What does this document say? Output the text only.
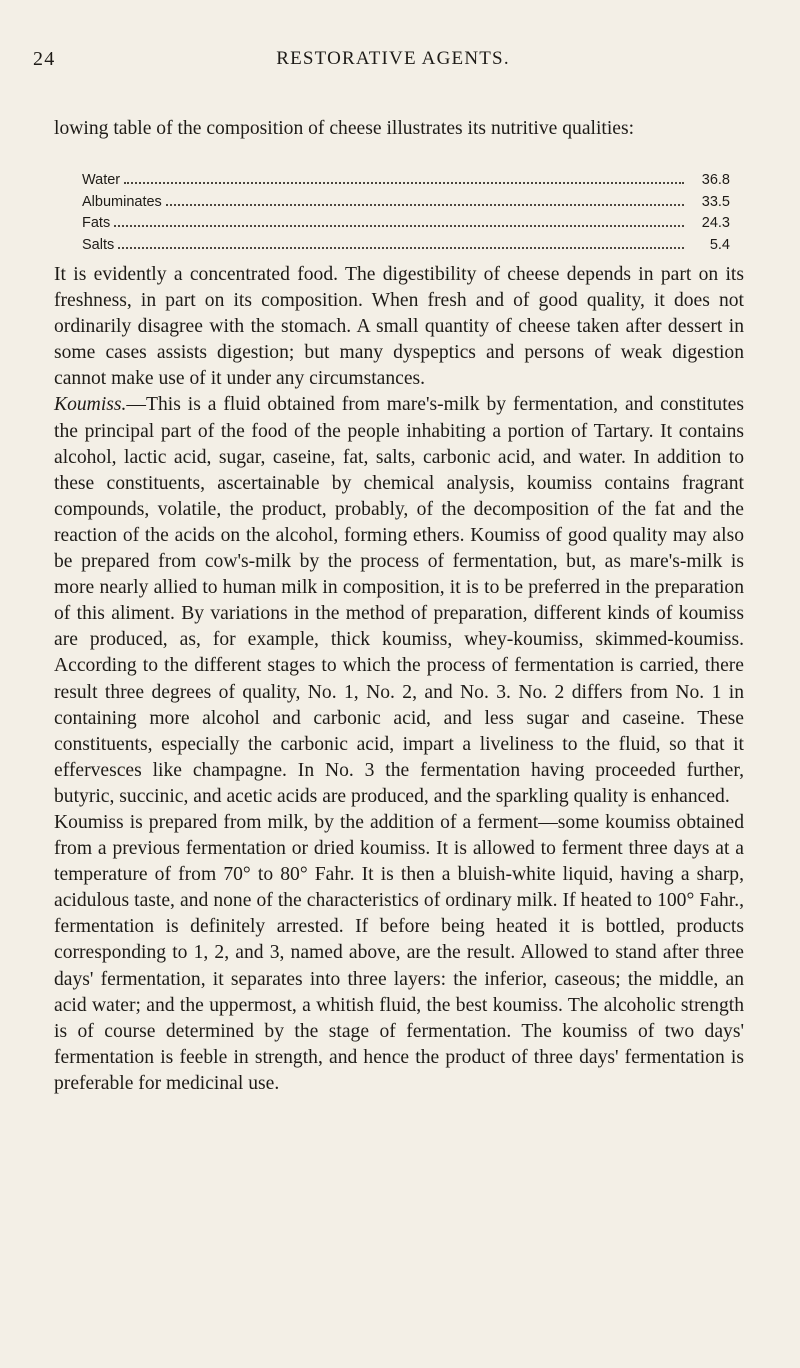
24	RESTORATIVE AGENTS.

lowing table of the composition of cheese illustrates its nutritive qualities:

Water	36.8
Albuminates	33.5
Fats	24.3
Salts	5.4

It is evidently a concentrated food. The digestibility of cheese depends in part on its freshness, in part on its composition. When fresh and of good quality, it does not ordinarily disagree with the stomach. A small quantity of cheese taken after dessert in some cases assists digestion; but many dyspeptics and persons of weak digestion cannot make use of it under any circumstances.

Koumiss.—This is a fluid obtained from mare's-milk by fermentation, and constitutes the principal part of the food of the people inhabiting a portion of Tartary. It contains alcohol, lactic acid, sugar, caseine, fat, salts, carbonic acid, and water. In addition to these constituents, ascertainable by chemical analysis, koumiss contains fragrant compounds, volatile, the product, probably, of the decomposition of the fat and the reaction of the acids on the alcohol, forming ethers. Koumiss of good quality may also be prepared from cow's-milk by the process of fermentation, but, as mare's-milk is more nearly allied to human milk in composition, it is to be preferred in the preparation of this aliment. By variations in the method of preparation, different kinds of koumiss are produced, as, for example, thick koumiss, whey-koumiss, skimmed-koumiss. According to the different stages to which the process of fermentation is carried, there result three degrees of quality, No. 1, No. 2, and No. 3. No. 2 differs from No. 1 in containing more alcohol and carbonic acid, and less sugar and caseine. These constituents, especially the carbonic acid, impart a liveliness to the fluid, so that it effervesces like champagne. In No. 3 the fermentation having proceeded further, butyric, succinic, and acetic acids are produced, and the sparkling quality is enhanced.

Koumiss is prepared from milk, by the addition of a ferment—some koumiss obtained from a previous fermentation or dried koumiss. It is allowed to ferment three days at a temperature of from 70° to 80° Fahr. It is then a bluish-white liquid, having a sharp, acidulous taste, and none of the characteristics of ordinary milk. If heated to 100° Fahr., fermentation is definitely arrested. If before being heated it is bottled, products corresponding to 1, 2, and 3, named above, are the result. Allowed to stand after three days' fermentation, it separates into three layers: the inferior, caseous; the middle, an acid water; and the uppermost, a whitish fluid, the best koumiss. The alcoholic strength is of course determined by the stage of fermentation. The koumiss of two days' fermentation is feeble in strength, and hence the product of three days' fermentation is preferable for medicinal use.
